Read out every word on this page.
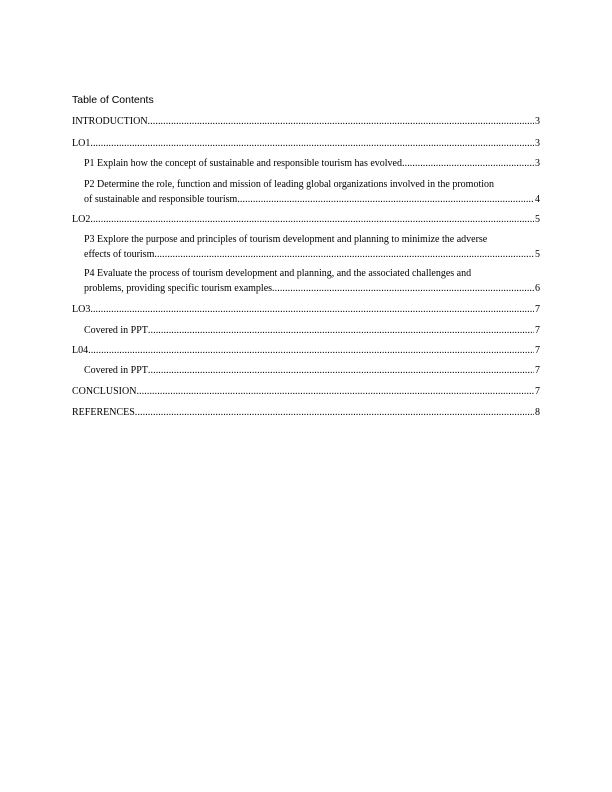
Table of Contents
INTRODUCTION .....	3
LO1 .....	3
P1 Explain how the concept of sustainable and responsible tourism has evolved .....	3
P2 Determine the role, function and mission of leading global organizations involved in the promotion
of sustainable and responsible tourism .....	4
LO2 .....	5
P3 Explore the purpose and principles of tourism development and planning to minimize the adverse
effects of tourism .....	5
P4 Evaluate the process of tourism development and planning, and the associated challenges and
problems, providing specific tourism examples .....	6
LO3 .....	7
Covered in PPT .....	7
L04 .....	7
Covered in PPT .....	7
CONCLUSION .....	7
REFERENCES .....	8
